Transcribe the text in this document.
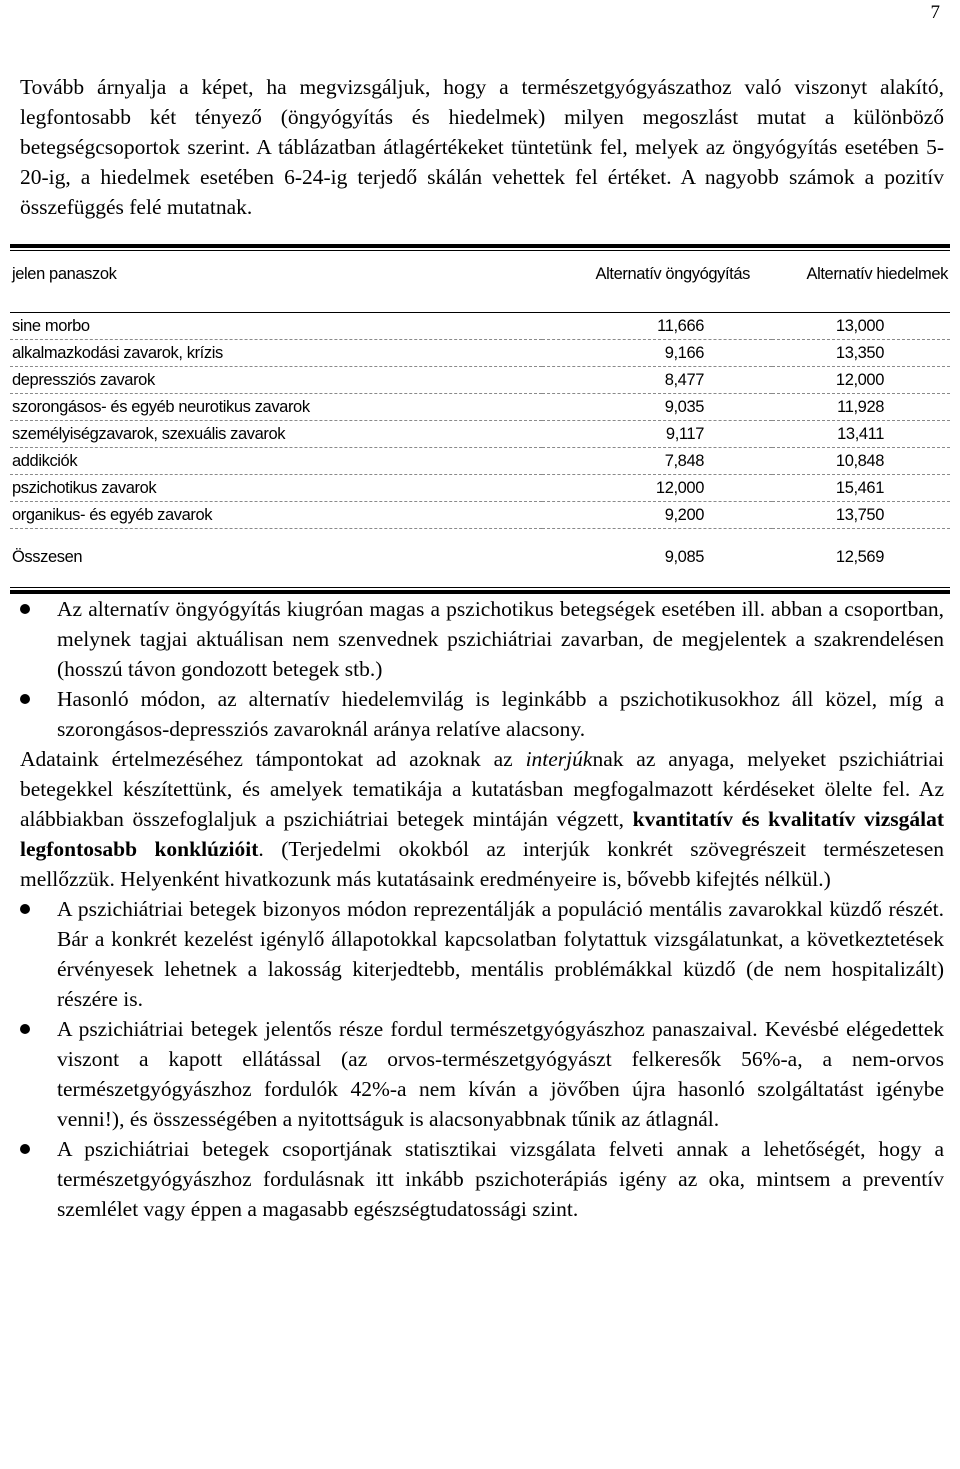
7

Tovább árnyalja a képet, ha megvizsgáljuk, hogy a természetgyógyászathoz való viszonyt alakító, legfontosabb két tényező (öngyógyítás és hiedelmek) milyen megoszlást mutat a különböző betegségcsoportok szerint. A táblázatban átlagértékeket tüntetünk fel, melyek az öngyógyítás esetében 5-20-ig, a hiedelmek esetében 6-24-ig terjedő skálán vehettek fel értéket. A nagyobb számok a pozitív összefüggés felé mutatnak.

jelen panaszok	Alternatív öngyógyítás	Alternatív hiedelmek

sine morbo	11,666	13,000
alkalmazkodási zavarok, krízis	9,166	13,350
depressziós zavarok	8,477	12,000
szorongásos- és egyéb neurotikus zavarok	9,035	11,928
személyiségzavarok, szexuális zavarok	9,117	13,411
addikciók	7,848	10,848
pszichotikus zavarok	12,000	15,461
organikus- és egyéb zavarok	9,200	13,750
Összesen	9,085	12,569
Az alternatív öngyógyítás kiugróan magas a pszichotikus betegségek esetében ill. abban a csoportban, melynek tagjai aktuálisan nem szenvednek pszichiátriai zavarban, de megjelentek a szakrendelésen (hosszú távon gondozott betegek stb.)
Hasonló módon, az alternatív hiedelemvilág is leginkább a pszichotikusokhoz áll közel, míg a szorongásos-depressziós zavaroknál aránya relatíve alacsony.

Adataink értelmezéséhez támpontokat ad azoknak az interjúknak az anyaga, melyeket pszichiátriai betegekkel készítettünk, és amelyek tematikája a kutatásban megfogalmazott kérdéseket ölelte fel. Az alábbiakban összefoglaljuk a pszichiátriai betegek mintáján végzett, kvantitatív és kvalitatív vizsgálat legfontosabb konklúzióit. (Terjedelmi okokból az interjúk konkrét szövegrészeit természetesen mellőzzük. Helyenként hivatkozunk más kutatásaink eredményeire is, bővebb kifejtés nélkül.)

A pszichiátriai betegek bizonyos módon reprezentálják a populáció mentális zavarokkal küzdő részét. Bár a konkrét kezelést igénylő állapotokkal kapcsolatban folytattuk vizsgálatunkat, a következtetések érvényesek lehetnek a lakosság kiterjedtebb, mentális problémákkal küzdő (de nem hospitalizált) részére is.
A pszichiátriai betegek jelentős része fordul természetgyógyászhoz panaszaival. Kevésbé elégedettek viszont a kapott ellátással (az orvos-természetgyógyászt felkeresők 56%-a, a nem-orvos természetgyógyászhoz fordulók 42%-a nem kíván a jövőben újra hasonló szolgáltatást igénybe venni!), és összességében a nyitottságuk is alacsonyabbnak tűnik az átlagnál.
A pszichiátriai betegek csoportjának statisztikai vizsgálata felveti annak a lehetőségét, hogy a természetgyógyászhoz fordulásnak itt inkább pszichoterápiás igény az oka, mintsem a preventív szemlélet vagy éppen a magasabb egészségtudatossági szint.
